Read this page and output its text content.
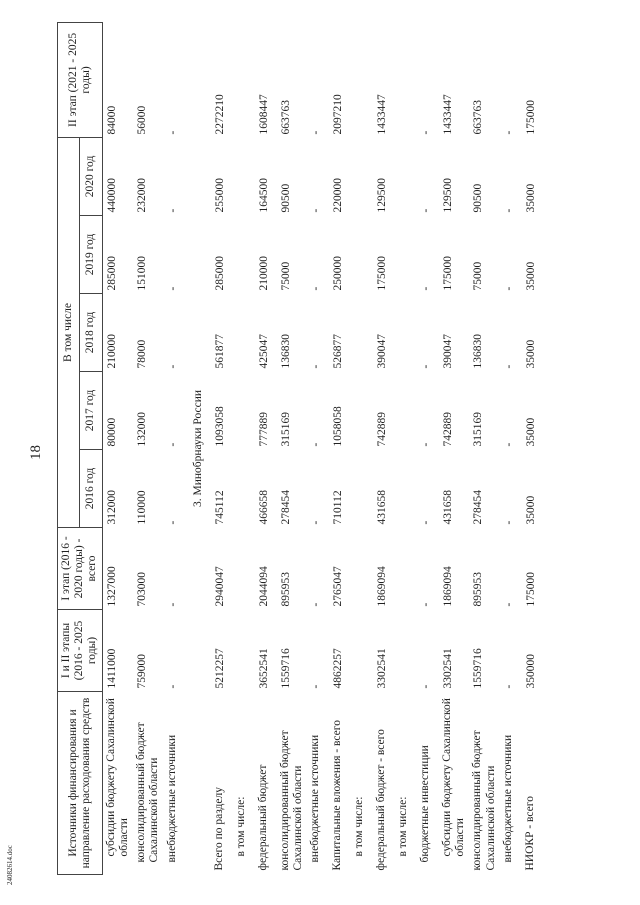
18
Источники финансирования и направление расходования средств	I и II этапы (2016 - 2025 годы)	I этап (2016 - 2020 годы) - всего	В том числе					II этап (2021 - 2025 годы)
			2016 год	2017 год	2018 год	2019 год	2020 год	
субсидии бюджету Сахалинской области	1411000	1327000	312000	80000	210000	285000	440000	84000
консолидированный бюджет Сахалинской области	759000	703000	110000	132000	78000	151000	232000	56000
внебюджетные источники	-	-	-	-	-	-	-	-
3. Минобрнауки России								
Всего по разделу	5212257	2940047	745112	1093058	561877	285000	255000	2272210
в том числе:								
федеральный бюджет	3652541	2044094	466658	777889	425047	210000	164500	1608447
консолидированный бюджет Сахалинской области	1559716	895953	278454	315169	136830	75000	90500	663763
внебюджетные источники	-	-	-	-	-	-	-	-
Капитальные вложения - всего	4862257	2765047	710112	1058058	526877	250000	220000	2097210
в том числе:								
федеральный бюджет - всего	3302541	1869094	431658	742889	390047	175000	129500	1433447
в том числе:								
бюджетные инвестиции	-	-	-	-	-	-	-	-
субсидии бюджету Сахалинской области	3302541	1869094	431658	742889	390047	175000	129500	1433447
консолидированный бюджет Сахалинской области	1559716	895953	278454	315169	136830	75000	90500	663763
внебюджетные источники	-	-	-	-	-	-	-	-
НИОКР - всего	350000	175000	35000	35000	35000	35000	35000	175000
24082614.doc
